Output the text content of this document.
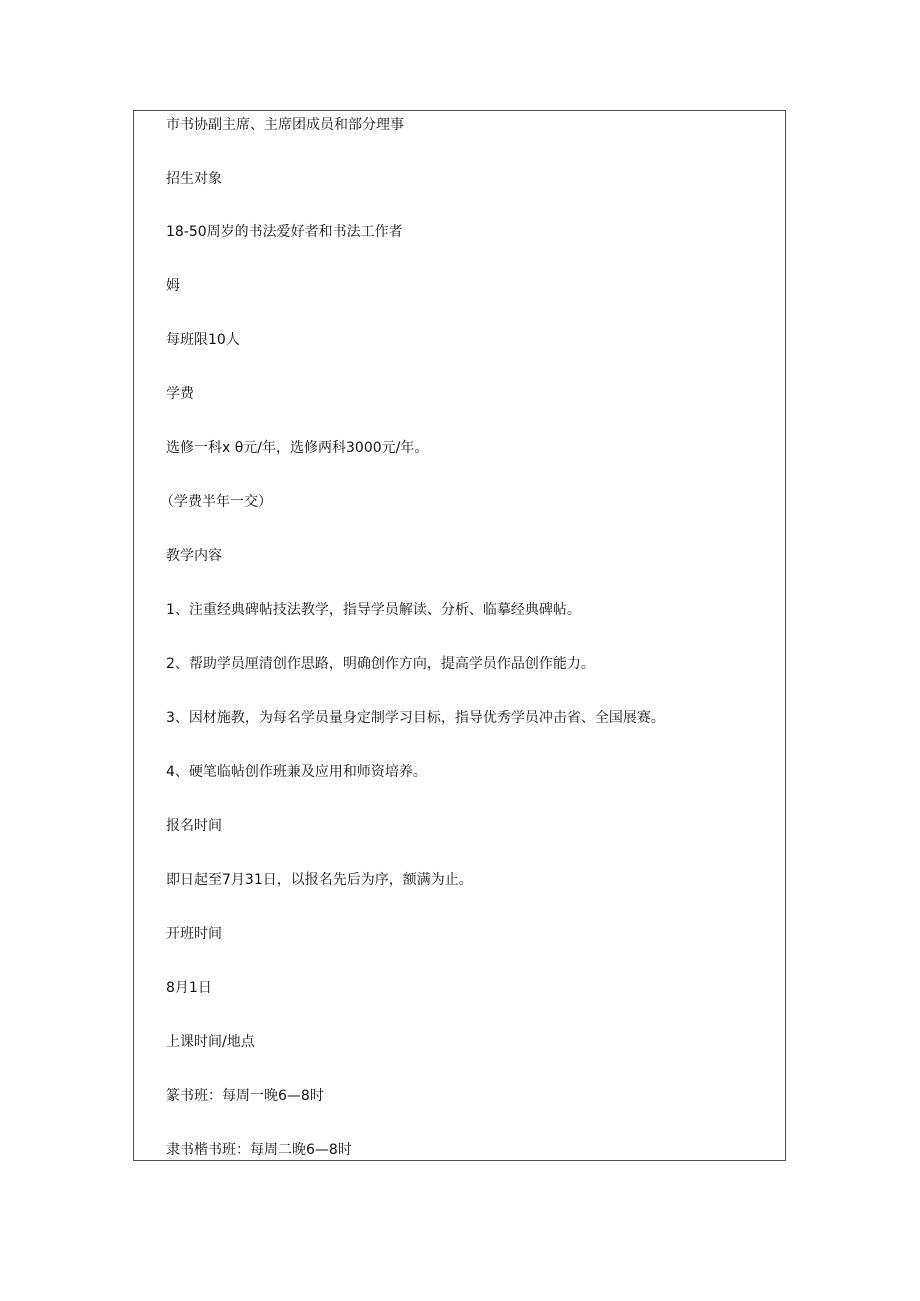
市书协副主席、主席团成员和部分理事
招生对象
18-50周岁的书法爱好者和书法工作者
姆
每班限10人
学费
选修一科x θ元/年，选修两科3000元/年。
（学费半年一交）
教学内容
1、注重经典碑帖技法教学，指导学员解读、分析、临摹经典碑帖。
2、帮助学员厘清创作思路，明确创作方向，提高学员作品创作能力。
3、因材施教，为每名学员量身定制学习目标，指导优秀学员冲击省、全国展赛。
4、硬笔临帖创作班兼及应用和师资培养。
报名时间
即日起至7月31日，以报名先后为序，额满为止。
开班时间
8月1日
上课时间/地点
篆书班：每周一晚6—8时
隶书楷书班：每周二晚6—8时
